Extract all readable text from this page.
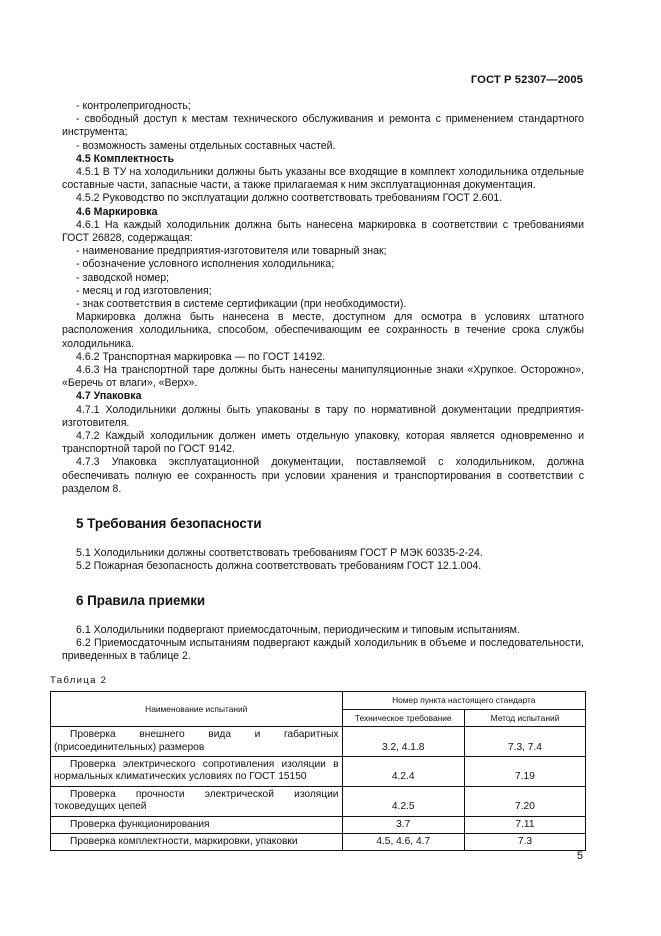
ГОСТ Р 52307—2005

- контролепригодность;

- свободный доступ к местам технического обслуживания и ремонта с применением стандартного инструмента;

- возможность замены отдельных составных частей.

4.5 Комплектность

4.5.1 В ТУ на холодильники должны быть указаны все входящие в комплект холодильника отдельные составные части, запасные части, а также прилагаемая к ним эксплуатационная документация.

4.5.2 Руководство по эксплуатации должно соответствовать требованиям ГОСТ 2.601.

4.6 Маркировка

4.6.1 На каждый холодильник должна быть нанесена маркировка в соответствии с требованиями ГОСТ 26828, содержащая:

- наименование предприятия-изготовителя или товарный знак;

- обозначение условного исполнения холодильника;

- заводской номер;

- месяц и год изготовления;

- знак соответствия в системе сертификации (при необходимости).

Маркировка должна быть нанесена в месте, доступном для осмотра в условиях штатного расположения холодильника, способом, обеспечивающим ее сохранность в течение срока службы холодильника.

4.6.2 Транспортная маркировка — по ГОСТ 14192.

4.6.3 На транспортной таре должны быть нанесены манипуляционные знаки «Хрупкое. Осторожно», «Беречь от влаги», «Верх».

4.7 Упаковка

4.7.1 Холодильники должны быть упакованы в тару по нормативной документации предприятия-изготовителя.

4.7.2 Каждый холодильник должен иметь отдельную упаковку, которая является одновременно и транспортной тарой по ГОСТ 9142.

4.7.3 Упаковка эксплуатационной документации, поставляемой с холодильником, должна обеспечивать полную ее сохранность при условии хранения и транспортирования в соответствии с разделом 8.

5 Требования безопасности

5.1 Холодильники должны соответствовать требованиям ГОСТ Р МЭК 60335-2-24.

5.2 Пожарная безопасность должна соответствовать требованиям ГОСТ 12.1.004.

6 Правила приемки

6.1 Холодильники подвергают приемосдаточным, периодическим и типовым испытаниям.

6.2 Приемосдаточным испытаниям подвергают каждый холодильник в объеме и последовательности, приведенных в таблице 2.

Таблица 2
Наименование испытаний	Номер пункта настоящего стандарта	
	Техническое требование	Метод испытаний
Проверка внешнего вида и габаритных (присоединительных) размеров	3.2, 4.1.8	7.3, 7.4
Проверка электрического сопротивления изоляции в нормальных климатических условиях по ГОСТ 15150	4.2.4	7.19
Проверка прочности электрической изоляции токоведущих цепей	4.2.5	7.20
Проверка функционирования	3.7	7.11
Проверка комплектности, маркировки, упаковки	4.5, 4.6, 4.7	7.3
5
